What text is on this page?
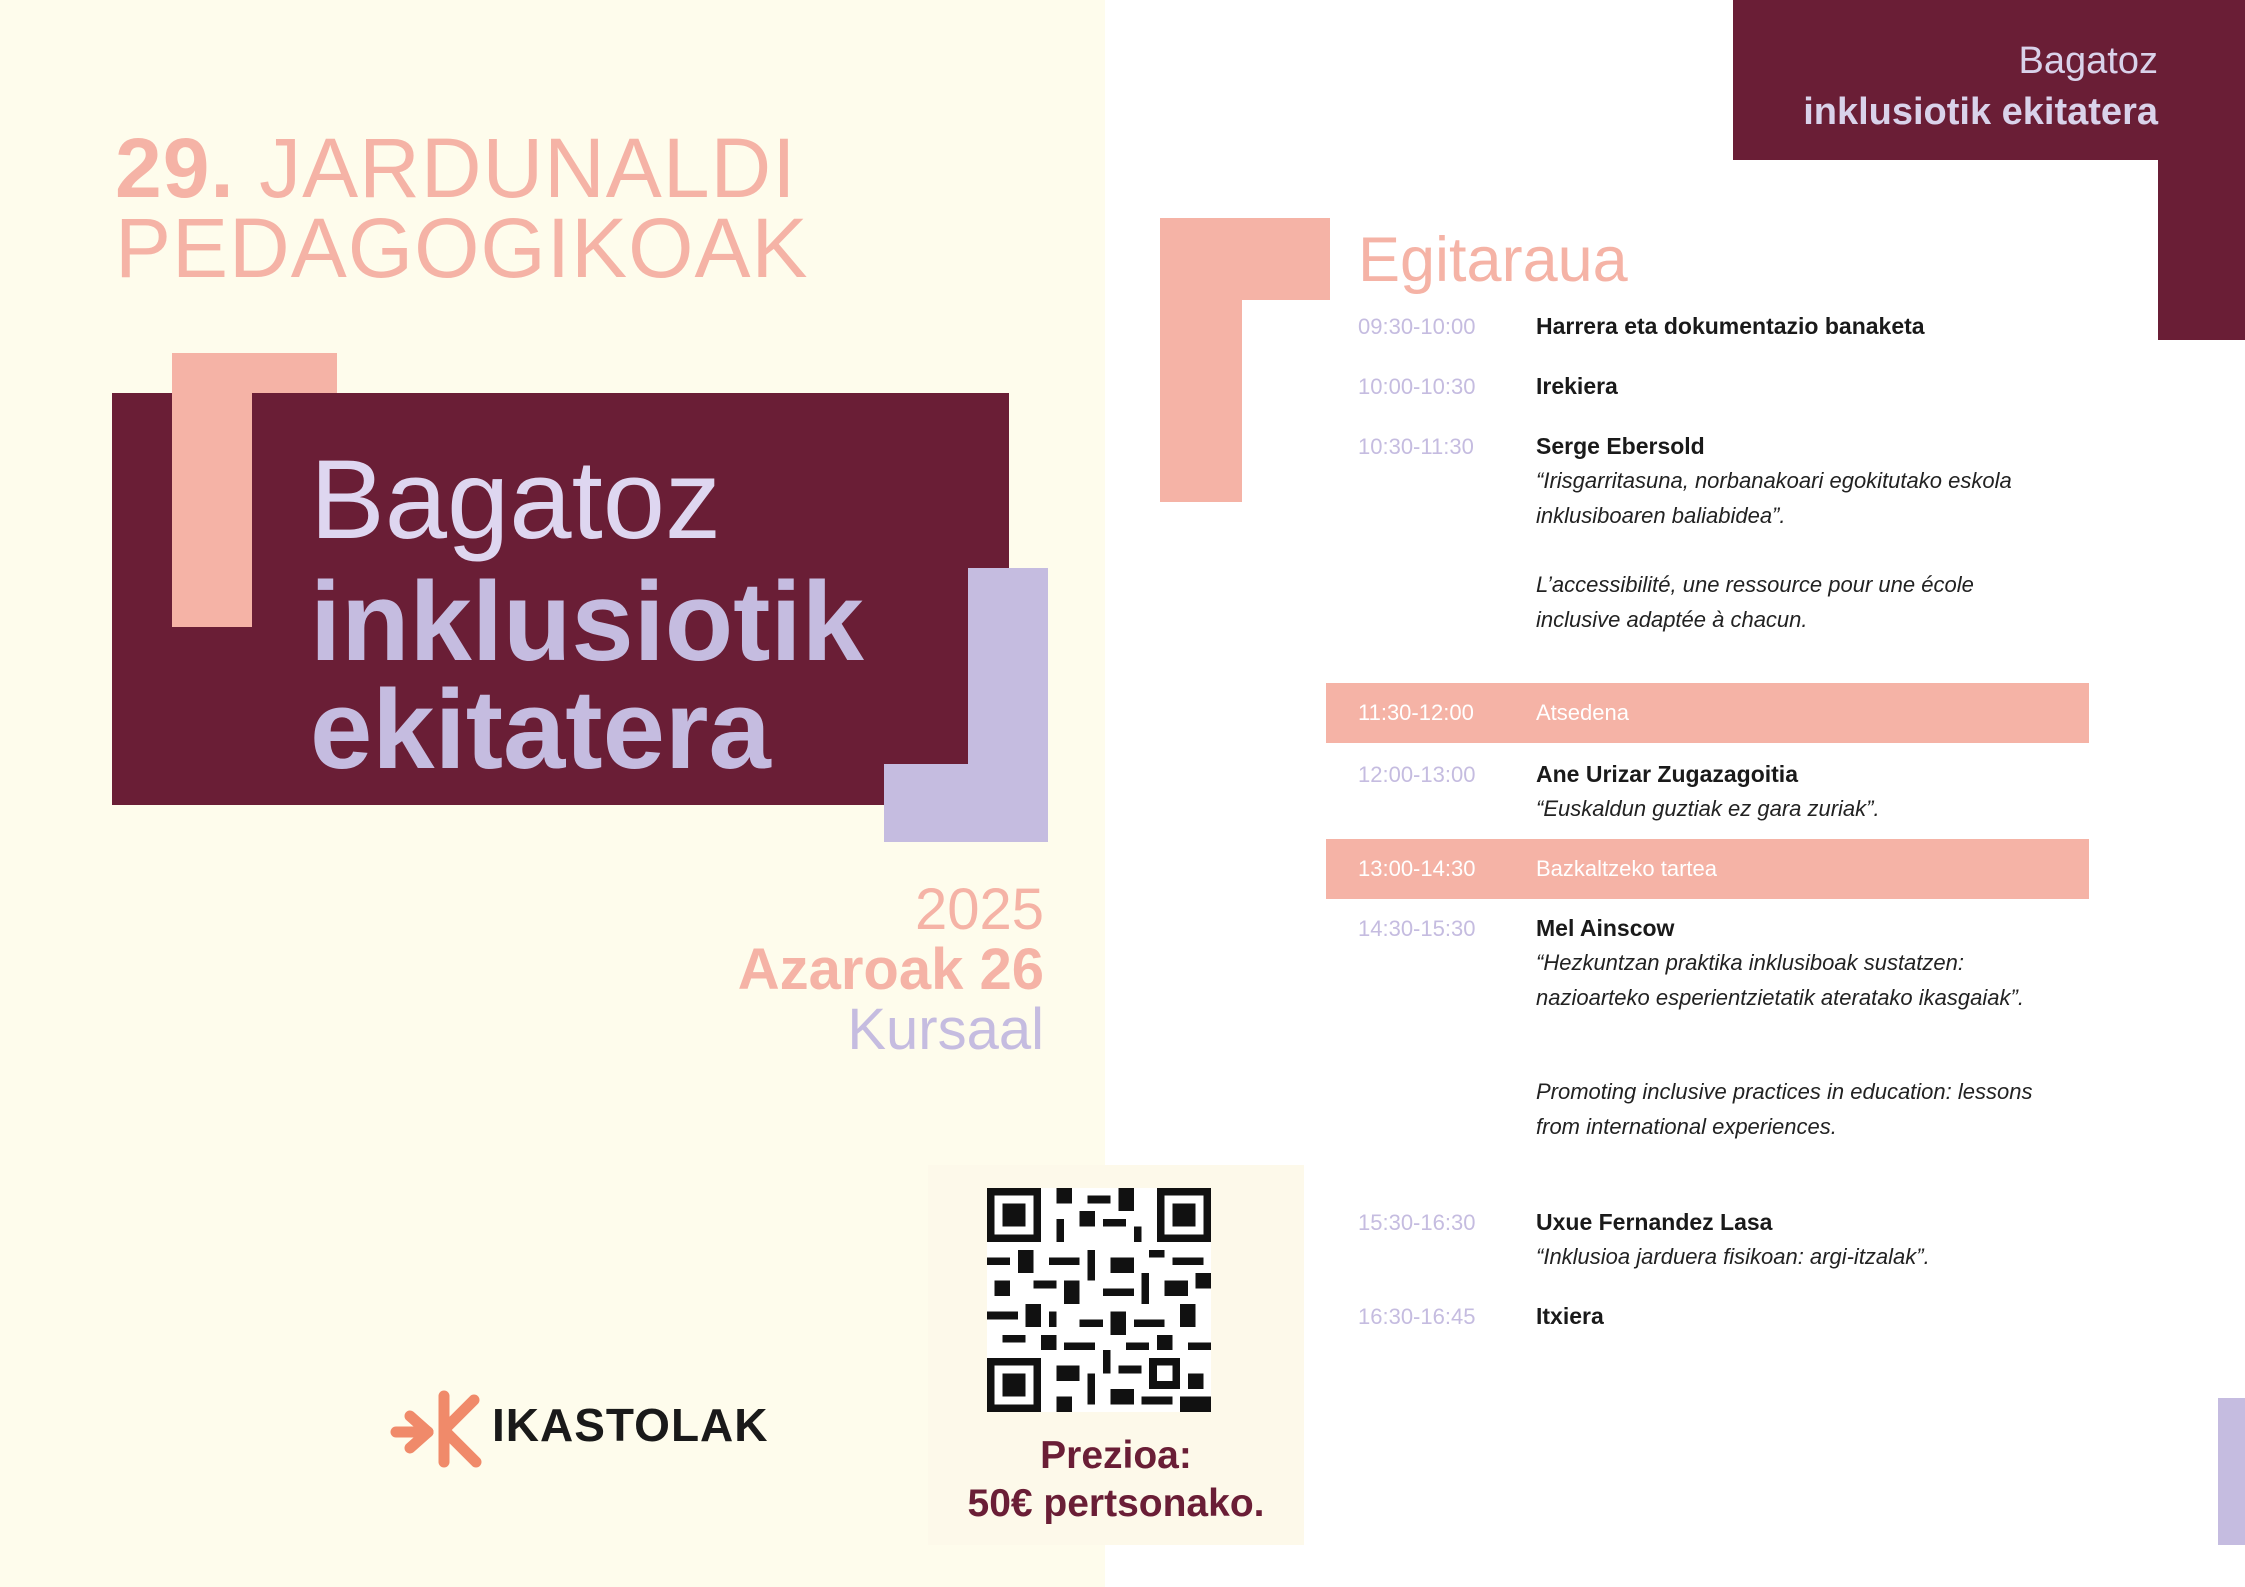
29. JARDUNALDI
PEDAGOGIKOAK
Bagatoz
inklusiotik
ekitatera
2025
Azaroak 26
Kursaal
IKASTOLAK
Prezioa:
50€ pertsonako.
Bagatoz
inklusiotik ekitatera
Egitaraua
09:30-10:00	Harrera eta dokumentazio banaketa
10:00-10:30	Irekiera
10:30-11:30	Serge Ebersold
“Irisgarritasuna, norbanakoari egokitutako eskola inklusiboaren baliabidea”.
L’accessibilité, une ressource pour une école inclusive adaptée à chacun.
11:30-12:00	Atsedena
12:00-13:00	Ane Urizar Zugazagoitia
“Euskaldun guztiak ez gara zuriak”.
13:00-14:30	Bazkaltzeko tartea
14:30-15:30	Mel Ainscow
“Hezkuntzan praktika inklusiboak sustatzen: nazioarteko esperientzietatik ateratako ikasgaiak”.
Promoting inclusive practices in education: lessons from international experiences.
15:30-16:30	Uxue Fernandez Lasa
“Inklusioa jarduera fisikoan: argi-itzalak”.
16:30-16:45	Itxiera
